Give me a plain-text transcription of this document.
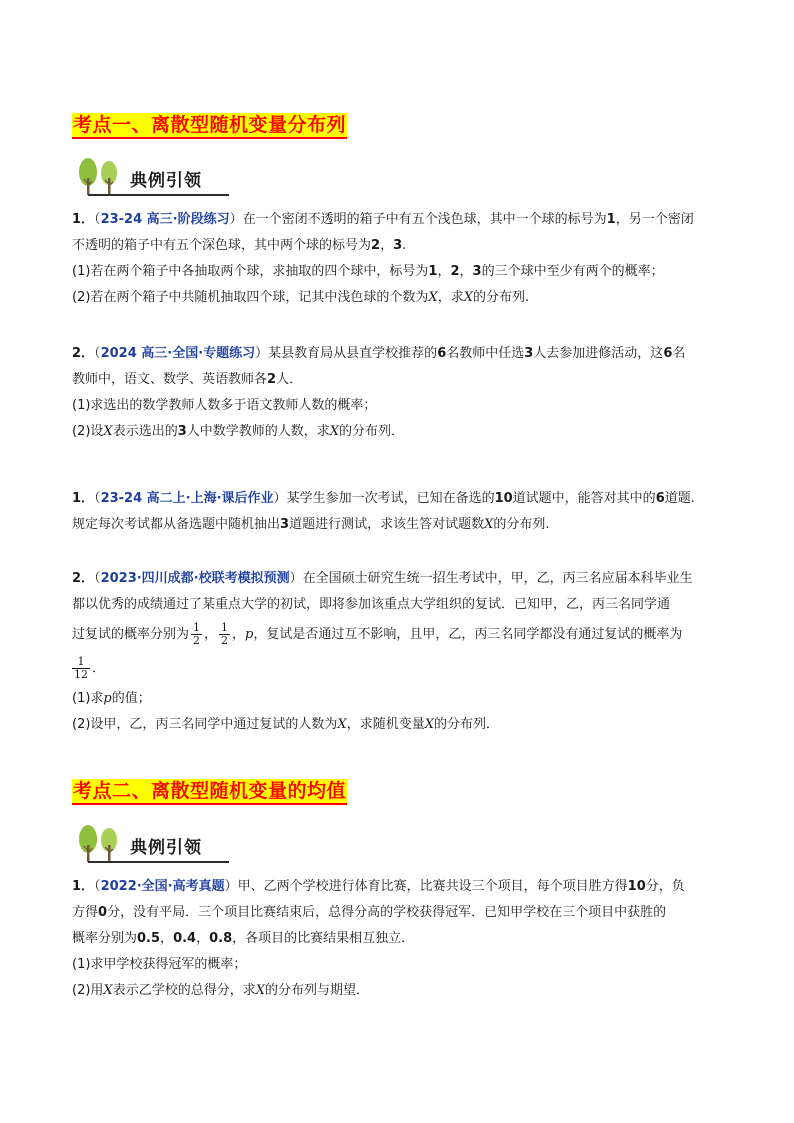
考点一、离散型随机变量分布列
典例引领

1．（23-24 高三·阶段练习）在一个密闭不透明的箱子中有五个浅色球，其中一个球的标号为1，另一个密闭

不透明的箱子中有五个深色球，其中两个球的标号为2，3.

(1)若在两个箱子中各抽取两个球，求抽取的四个球中，标号为1，2，3的三个球中至少有两个的概率；

(2)若在两个箱子中共随机抽取四个球，记其中浅色球的个数为X，求X的分布列.

2．（2024 高三·全国·专题练习）某县教育局从县直学校推荐的6名教师中任选3人去参加进修活动，这6名

教师中，语文、数学、英语教师各2人．

(1)求选出的数学教师人数多于语文教师人数的概率；

(2)设X表示选出的3人中数学教师的人数，求X的分布列．

1．（23-24 高二上·上海·课后作业）某学生参加一次考试，已知在备选的10道试题中，能答对其中的6道题.

规定每次考试都从备选题中随机抽出3道题进行测试，求该生答对试题数X的分布列.

2．（2023·四川成都·校联考模拟预测）在全国硕士研究生统一招生考试中，甲，乙，丙三名应届本科毕业生

都以优秀的成绩通过了某重点大学的初试，即将参加该重点大学组织的复试．已知甲，乙，丙三名同学通

过复试的概率分别为 $\frac{1}{2}$ ， $\frac{1}{2}$ ，p，复试是否通过互不影响，且甲，乙，丙三名同学都没有通过复试的概率为

$\frac{1}{12}$ ．

(1)求p的值；

(2)设甲，乙，丙三名同学中通过复试的人数为X，求随机变量X的分布列．

考点二、离散型随机变量的均值
典例引领

1．（2022·全国·高考真题）甲、乙两个学校进行体育比赛，比赛共设三个项目，每个项目胜方得10分，负

方得0分，没有平局．三个项目比赛结束后，总得分高的学校获得冠军．已知甲学校在三个项目中获胜的

概率分别为0.5，0.4，0.8，各项目的比赛结果相互独立．

(1)求甲学校获得冠军的概率；

(2)用X表示乙学校的总得分，求X的分布列与期望．
